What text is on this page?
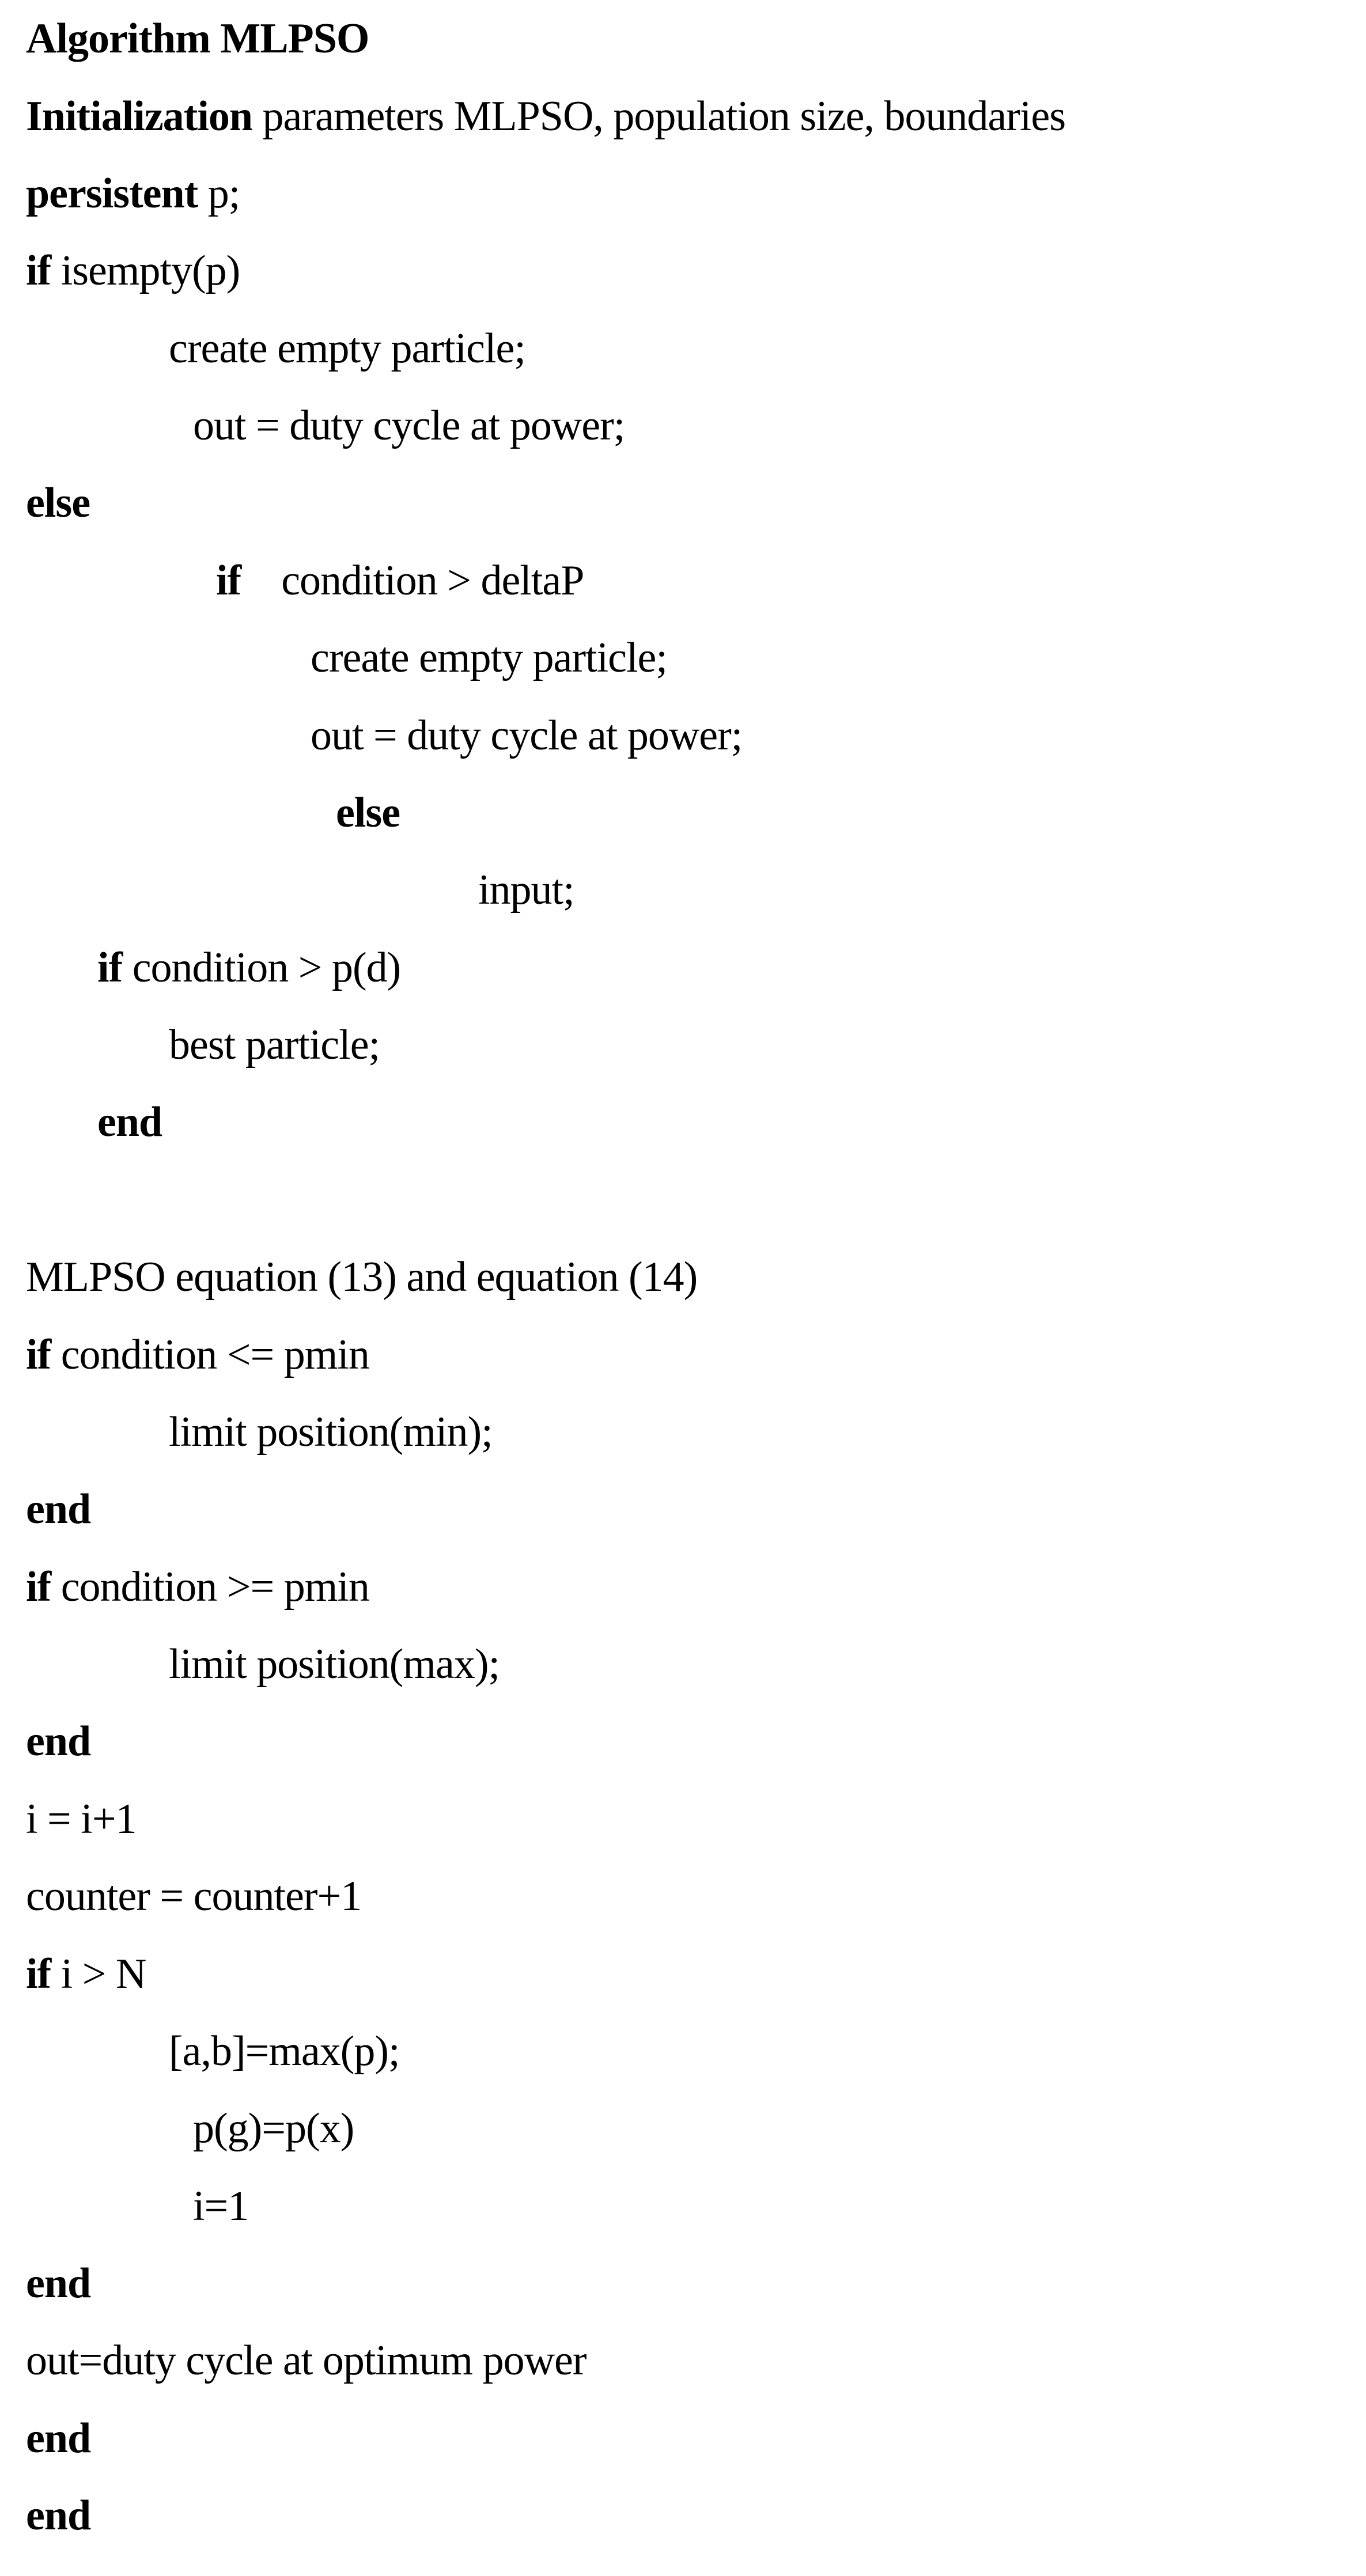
Algorithm MLPSO
Initialization parameters MLPSO, population size, boundaries
persistent p;
if isempty(p)
create empty particle;
out = duty cycle at power;
else
if    condition > deltaP
create empty particle;
out = duty cycle at power;
else
input;
if condition > p(d)
best particle;
end
MLPSO equation (13) and equation (14)
if condition <= pmin
limit position(min);
end
if condition >= pmin
limit position(max);
end
i = i+1
counter = counter+1
if i > N
[a,b]=max(p);
p(g)=p(x)
i=1
end
out=duty cycle at optimum power
end
end
